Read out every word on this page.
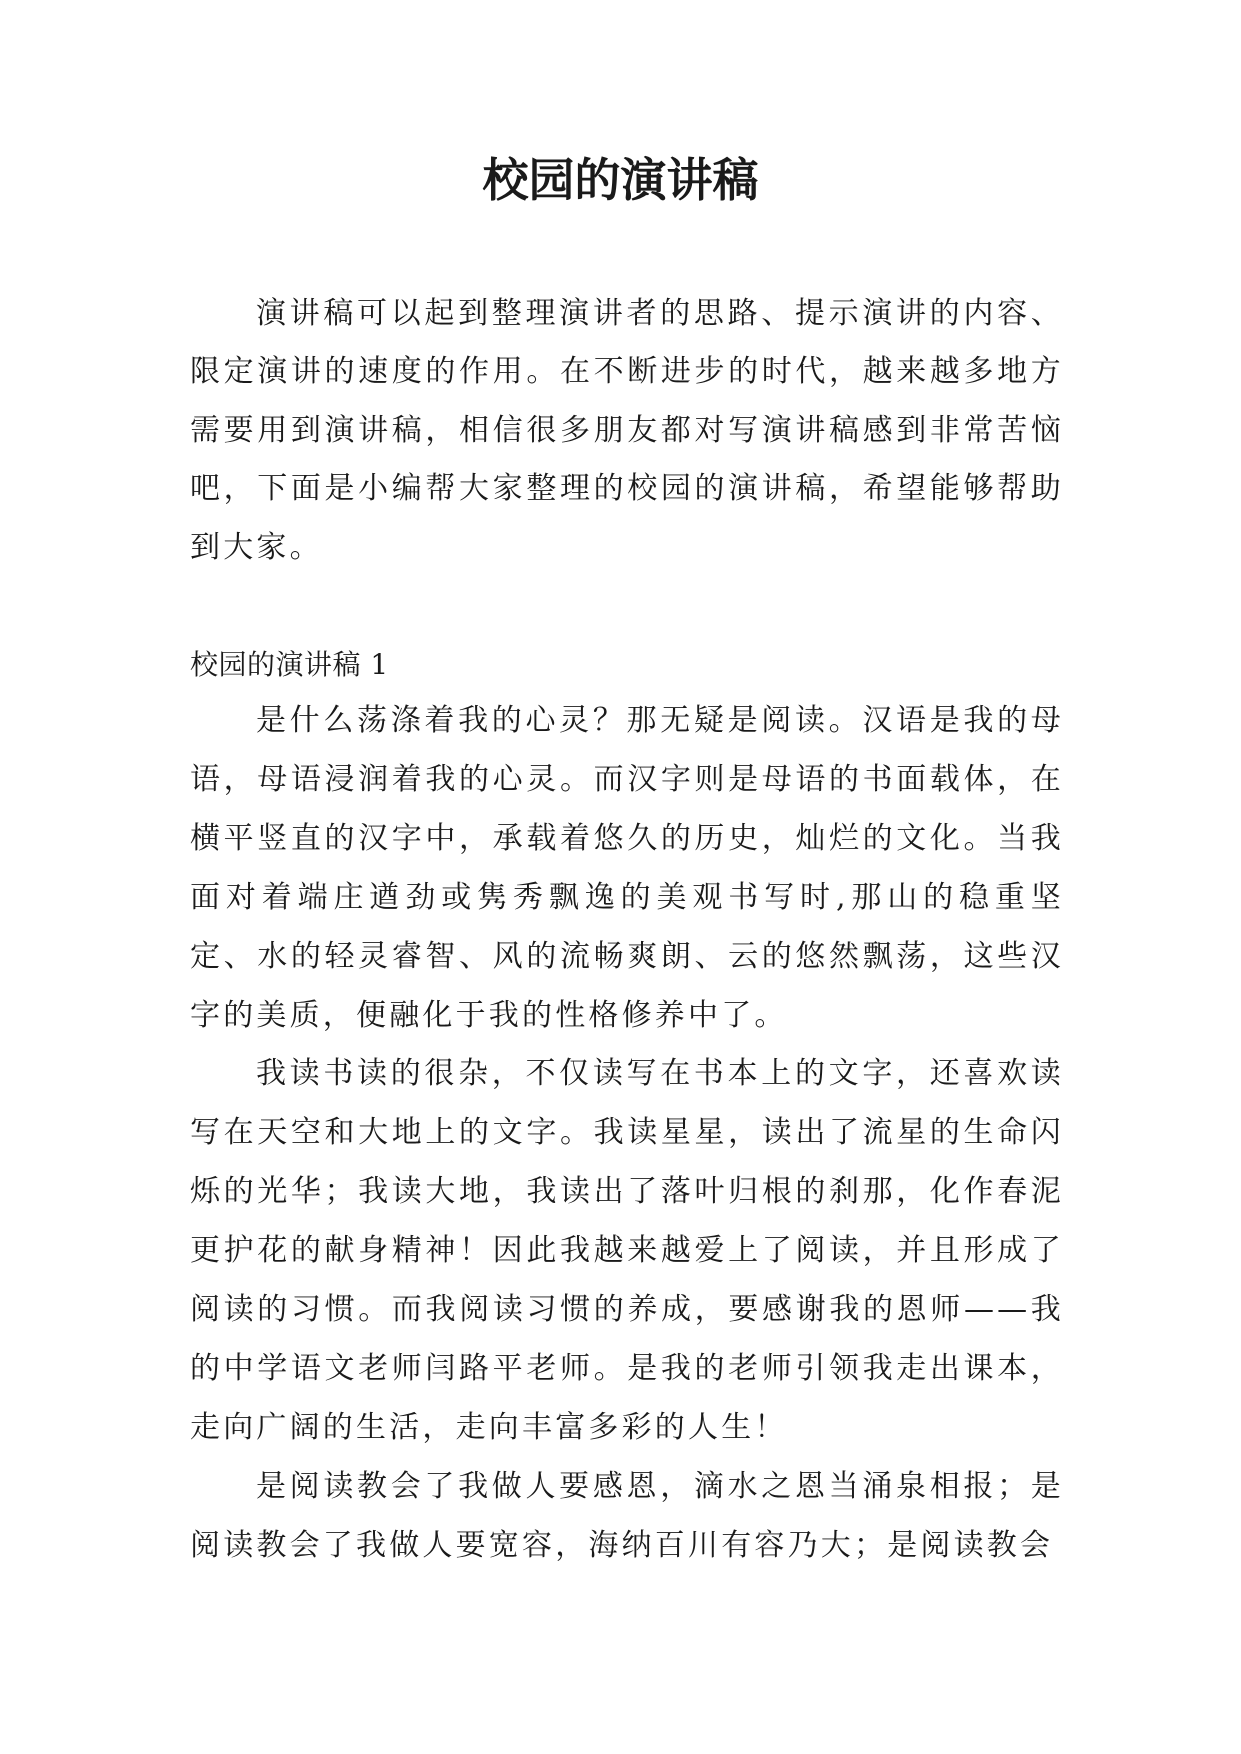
校园的演讲稿

演讲稿可以起到整理演讲者的思路、提示演讲的内容、限定演讲的速度的作用。在不断进步的时代，越来越多地方需要用到演讲稿，相信很多朋友都对写演讲稿感到非常苦恼吧，下面是小编帮大家整理的校园的演讲稿，希望能够帮助到大家。

校园的演讲稿 1

是什么荡涤着我的心灵？那无疑是阅读。汉语是我的母语，母语浸润着我的心灵。而汉字则是母语的书面载体，在横平竖直的汉字中，承载着悠久的历史，灿烂的文化。当我面对着端庄遒劲或隽秀飘逸的美观书写时,那山的稳重坚定、水的轻灵睿智、风的流畅爽朗、云的悠然飘荡，这些汉字的美质，便融化于我的性格修养中了。

我读书读的很杂，不仅读写在书本上的文字，还喜欢读写在天空和大地上的文字。我读星星，读出了流星的生命闪烁的光华；我读大地，我读出了落叶归根的刹那，化作春泥更护花的献身精神！因此我越来越爱上了阅读，并且形成了阅读的习惯。而我阅读习惯的养成，要感谢我的恩师——我的中学语文老师闫路平老师。是我的老师引领我走出课本，走向广阔的生活，走向丰富多彩的人生！

是阅读教会了我做人要感恩，滴水之恩当涌泉相报；是阅读教会了我做人要宽容，海纳百川有容乃大；是阅读教会
